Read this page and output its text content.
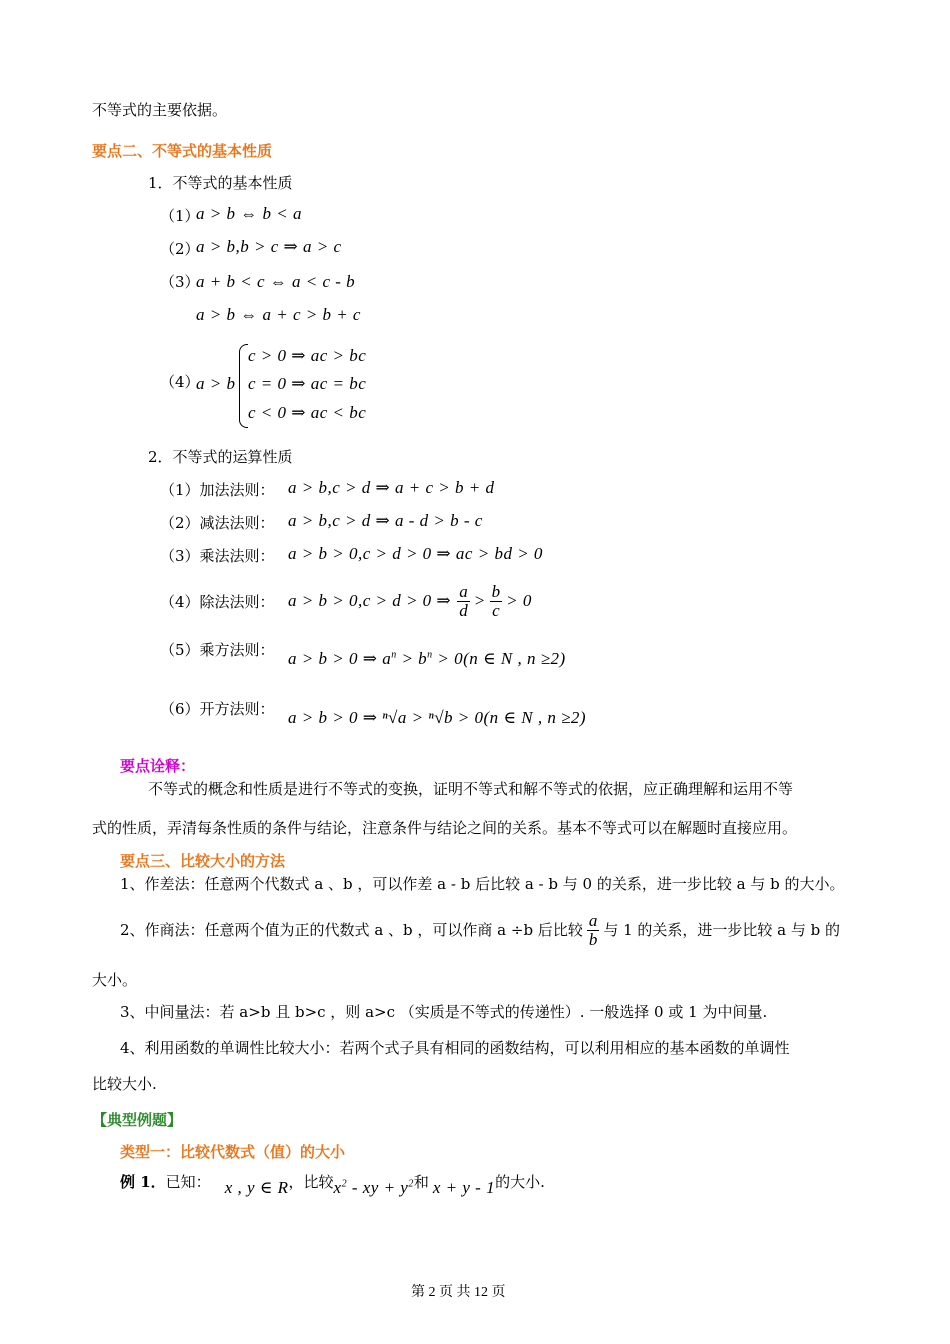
不等式的主要依据。
要点二、不等式的基本性质
1．不等式的基本性质
（1）
a > b ⇔ b < a
（2）
a > b,b > c ⇒ a > c
（3）
a + b < c ⇔ a < c - b
a > b ⇔ a + c > b + c
（4）
a > b
c > 0 ⇒ ac > bc
c = 0 ⇒ ac = bc
c < 0 ⇒ ac < bc
2．不等式的运算性质
（1）加法法则： a > b,c > d ⇒ a + c > b + d
（2）减法法则： a > b,c > d ⇒ a - d > b - c
（3）乘法法则： a > b > 0,c > d > 0 ⇒ ac > bd > 0
（4）除法法则： a > b > 0,c > d > 0 ⇒ $\frac{a}{d} > \frac{b}{c} > 0$
（5）乘方法则： a > b > 0 ⇒ $a^n > b^n > 0(n$ ∈ N , n ≥2)
（6）开方法则： a > b > 0 ⇒ ⁿ√a > ⁿ√b > 0(n ∈ N , n ≥2)
要点诠释：
不等式的概念和性质是进行不等式的变换，证明不等式和解不等式的依据，应正确理解和运用不等
式的性质，弄清每条性质的条件与结论，注意条件与结论之间的关系。基本不等式可以在解题时直接应用。
要点三、比较大小的方法
1、作差法：任意两个代数式 a 、b ，可以作差 a - b 后比较 a - b 与 0 的关系，进一步比较 a 与 b 的大小。
2、作商法：任意两个值为正的代数式 a 、b ，可以作商 a ÷b 后比较 $\frac{a}{b}$ 与 1 的关系，进一步比较 a 与 b 的
大小。
3、中间量法：若 a>b 且 b>c ，则 a>c （实质是不等式的传递性）. 一般选择 0 或 1 为中间量.
4、利用函数的单调性比较大小：若两个式子具有相同的函数结构，可以利用相应的基本函数的单调性
比较大小.
【典型例题】
类型一：比较代数式（值）的大小
例 1． 已知： x , y ∈ R ，比较 $x^2$ - xy + $y^2$ 和 x + y - 1 的大小.
第 2 页 共 12 页
